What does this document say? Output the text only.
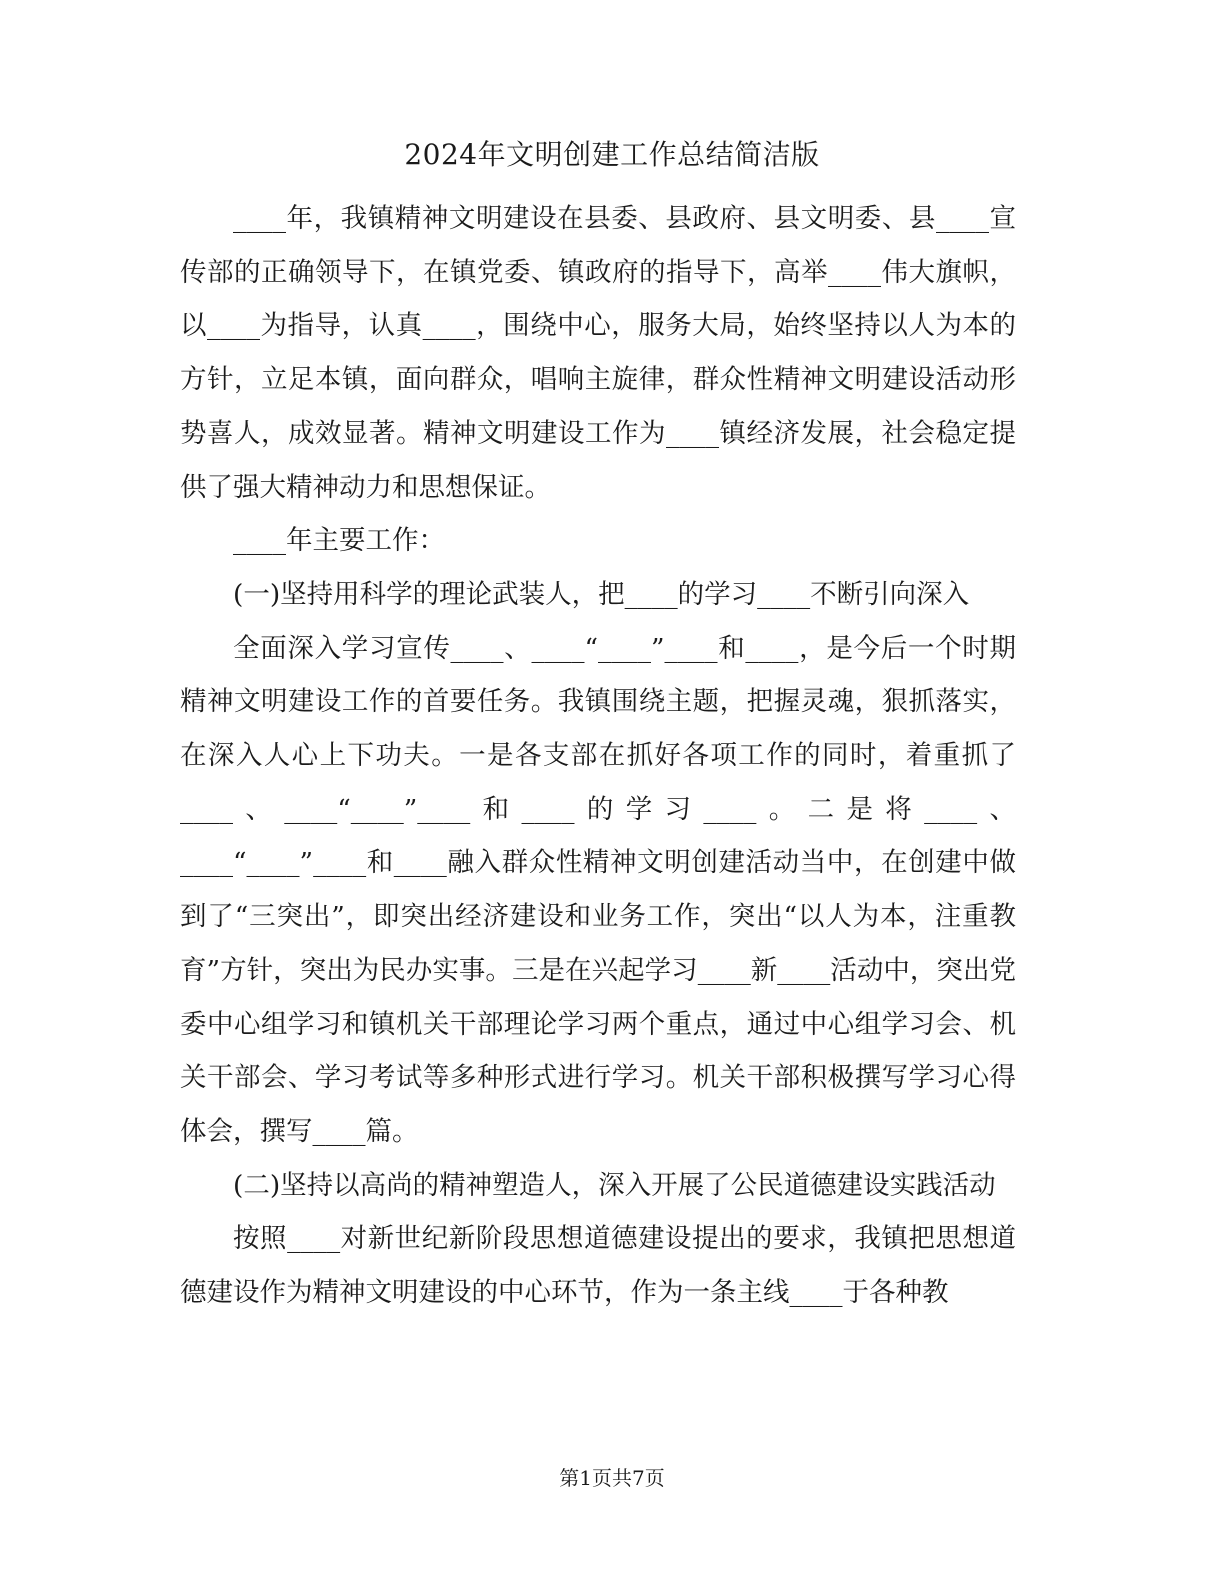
2024年文明创建工作总结简洁版

____年，我镇精神文明建设在县委、县政府、县文明委、县____宣传部的正确领导下，在镇党委、镇政府的指导下，高举____伟大旗帜，以____为指导，认真____，围绕中心，服务大局，始终坚持以人为本的方针，立足本镇，面向群众，唱响主旋律，群众性精神文明建设活动形势喜人，成效显著。精神文明建设工作为____镇经济发展，社会稳定提供了强大精神动力和思想保证。

____年主要工作：

(一)坚持用科学的理论武装人，把____的学习____不断引向深入

全面深入学习宣传____、____“____”____和____，是今后一个时期精神文明建设工作的首要任务。我镇围绕主题，把握灵魂，狠抓落实，在深入人心上下功夫。一是各支部在抓好各项工作的同时，着重抓了____、____“____”____和____的学习____。二是将____、____“____”____和____融入群众性精神文明创建活动当中，在创建中做到了“三突出”，即突出经济建设和业务工作，突出“以人为本，注重教育”方针，突出为民办实事。三是在兴起学习____新____活动中，突出党委中心组学习和镇机关干部理论学习两个重点，通过中心组学习会、机关干部会、学习考试等多种形式进行学习。机关干部积极撰写学习心得体会，撰写____篇。

(二)坚持以高尚的精神塑造人，深入开展了公民道德建设实践活动

按照____对新世纪新阶段思想道德建设提出的要求，我镇把思想道德建设作为精神文明建设的中心环节，作为一条主线____于各种教

第1页共7页
